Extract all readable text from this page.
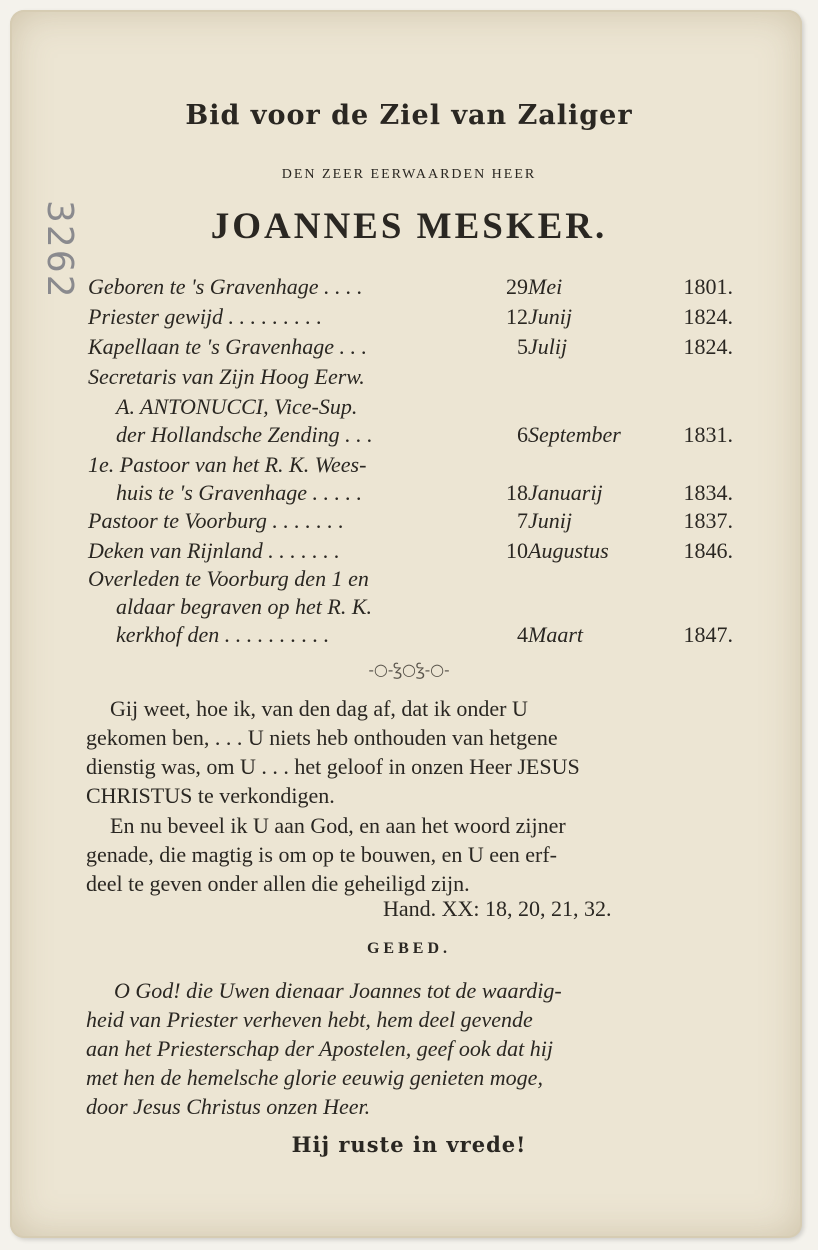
3262
Bid voor de Ziel van Zaliger
DEN ZEER EERWAARDEN HEER
JOANNES MESKER.
Geboren te 's Gravenhage . . . .	29 Mei	1801.
Priester gewijd . . . . . . . . .	12 Junij	1824.
Kapellaan te 's Gravenhage . . .	5 Julij	1824.
Secretaris van Zijn Hoog Eerw.
A. ANTONUCCI, Vice-Sup.
der Hollandsche Zending . . .	6 September	1831.
1e. Pastoor van het R. K. Wees-
huis te 's Gravenhage . . . . .	18 Januarij	1834.
Pastoor te Voorburg . . . . . . .	7 Junij	1837.
Deken van Rijnland . . . . . . .	10 Augustus	1846.
Overleden te Voorburg den 1 en
aldaar begraven op het R. K.
kerkhof den . . . . . . . . . .	4 Maart	1847.
-○-Ꝣ○Ꝣ-○-
Gij weet, hoe ik, van den dag af, dat ik onder U
gekomen ben, . . . U niets heb onthouden van hetgene
dienstig was, om U . . . het geloof in onzen Heer JESUS
CHRISTUS te verkondigen.
En nu beveel ik U aan God, en aan het woord zijner
genade, die magtig is om op te bouwen, en U een erf-
deel te geven onder allen die geheiligd zijn.
Hand. XX: 18, 20, 21, 32.
GEBED.
O God! die Uwen dienaar Joannes tot de waardig-
heid van Priester verheven hebt, hem deel gevende
aan het Priesterschap der Apostelen, geef ook dat hij
met hen de hemelsche glorie eeuwig genieten moge,
door Jesus Christus onzen Heer.
Hij ruste in vrede!
